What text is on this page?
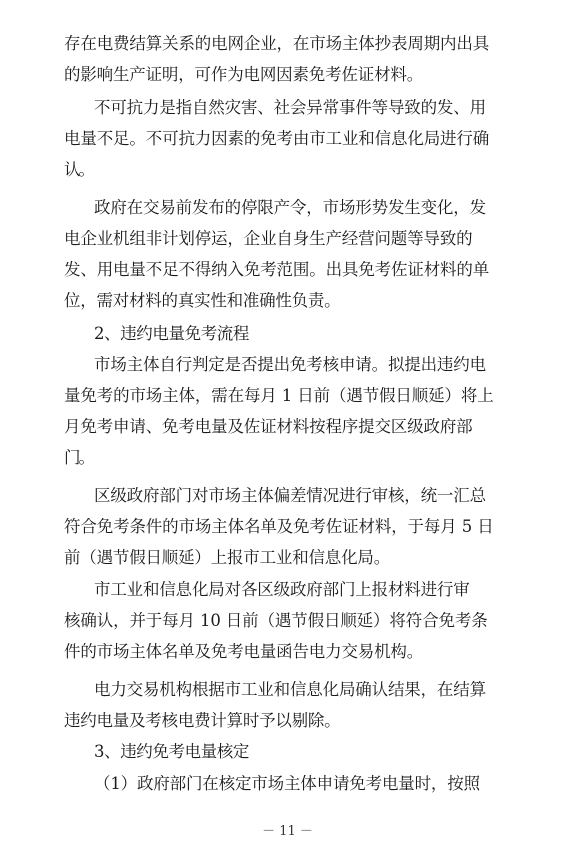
存在电费结算关系的电网企业，在市场主体抄表周期内出具
的影响生产证明，可作为电网因素免考佐证材料。
不可抗力是指自然灾害、社会异常事件等导致的发、用
电量不足。不可抗力因素的免考由市工业和信息化局进行确
认。
政府在交易前发布的停限产令，市场形势发生变化，发
电企业机组非计划停运，企业自身生产经营问题等导致的
发、用电量不足不得纳入免考范围。出具免考佐证材料的单
位，需对材料的真实性和准确性负责。
2、违约电量免考流程
市场主体自行判定是否提出免考核申请。拟提出违约电
量免考的市场主体，需在每月 1 日前（遇节假日顺延）将上
月免考申请、免考电量及佐证材料按程序提交区级政府部
门。
区级政府部门对市场主体偏差情况进行审核，统一汇总
符合免考条件的市场主体名单及免考佐证材料，于每月 5 日
前（遇节假日顺延）上报市工业和信息化局。
市工业和信息化局对各区级政府部门上报材料进行审
核确认，并于每月 10 日前（遇节假日顺延）将符合免考条
件的市场主体名单及免考电量函告电力交易机构。
电力交易机构根据市工业和信息化局确认结果，在结算
违约电量及考核电费计算时予以剔除。
3、违约免考电量核定
（1）政府部门在核定市场主体申请免考电量时，按照
－ 11 －
